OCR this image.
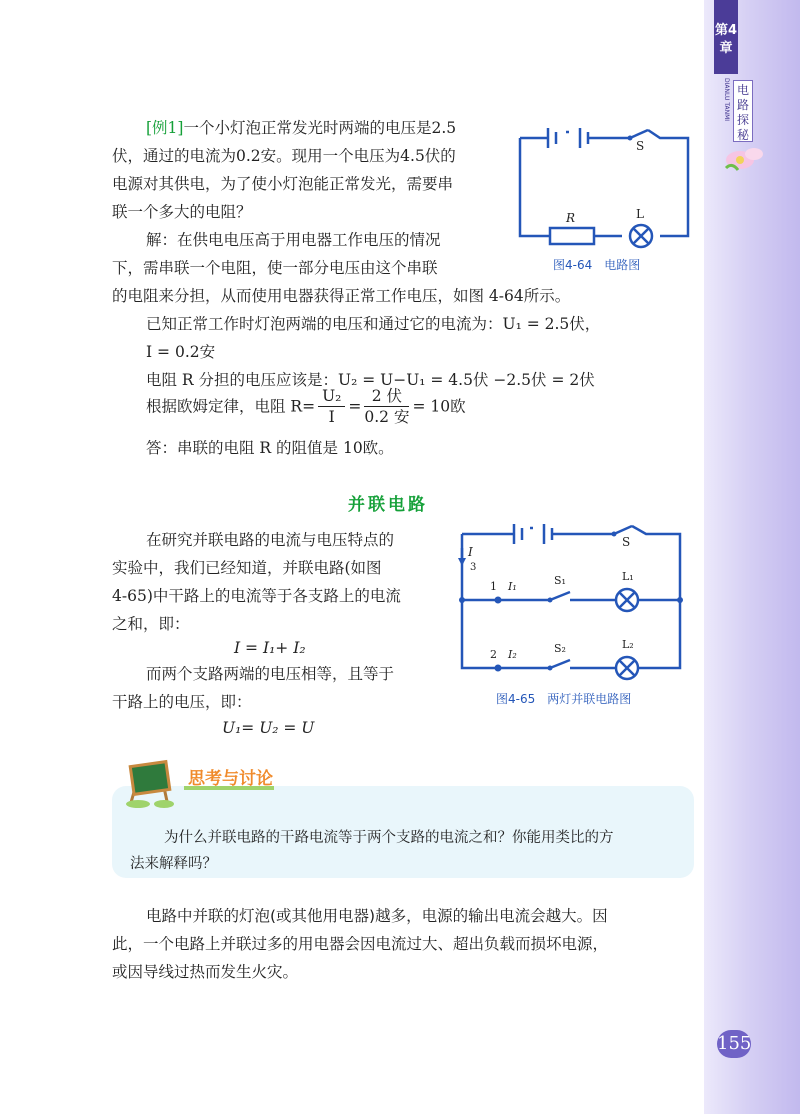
第4章
DIANLU TANMI 电路探秘
155

[例1]一个小灯泡正常发光时两端的电压是2.5

伏，通过的电流为0.2安。现用一个电压为4.5伏的

电源对其供电，为了使小灯泡能正常发光，需要串

联一个多大的电阻？

解：在供电电压高于用电器工作电压的情况

下，需串联一个电阻，使一部分电压由这个串联

的电阻来分担，从而使用电器获得正常工作电压，如图 4-64所示。

已知正常工作时灯泡两端的电压和通过它的电流为：U₁ = 2.5伏，

I = 0.2安

电阻 R 分担的电压应该是：U₂ = U−U₁ = 4.5伏 −2.5伏 = 2伏

根据欧姆定律，电阻 $R= \frac{\text{U₂}}{I} = \frac{\text{2 伏}}{\text{0.2 安}} = 10$欧

答：串联的电阻 R 的阻值是 10欧。

S
R	L
图4-64　电路图
并联电路

在研究并联电路的电流与电压特点的

实验中，我们已经知道，并联电路(如图

4-65)中干路上的电流等于各支路上的电流

之和，即：

I = I₁+ I₂

而两个支路两端的电压相等，且等于

干路上的电压，即：

U₁= U₂ = U

S
I
3
1 I₁	S₁	L₁
2 I₂	S₂	L₂
图4-65　两灯并联电路图
思考与讨论

为什么并联电路的干路电流等于两个支路的电流之和？你能用类比的方

法来解释吗？

电路中并联的灯泡(或其他用电器)越多，电源的输出电流会越大。因

此，一个电路上并联过多的用电器会因电流过大、超出负载而损坏电源，

或因导线过热而发生火灾。
